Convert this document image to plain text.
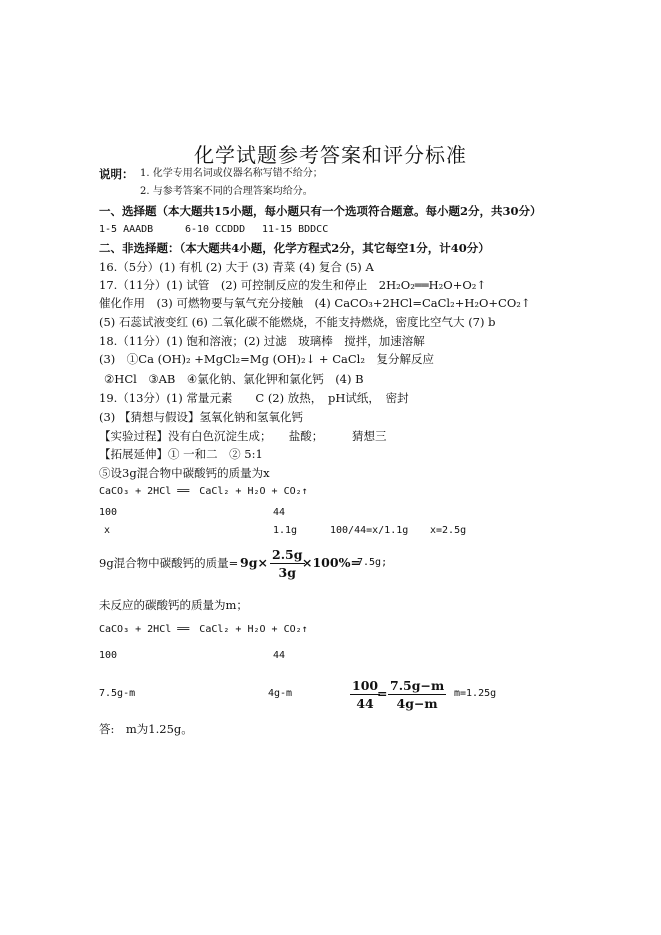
化学试题参考答案和评分标准
说明： 1. 化学专用名词或仪器名称写错不给分；
2. 与参考答案不同的合理答案均给分。
一、选择题（本大题共15小题，每小题只有一个选项符合题意。每小题2分，共30分）
1-5 AAADB	6-10 CCDDD 11-15 BDDCC
二、非选择题：（本大题共4小题，化学方程式2分，其它每空1分，计40分）
16.（5分）(1) 有机 (2) 大于 (3) 青菜 (4) 复合 (5) A
17.（11分）(1) 试管　(2) 可控制反应的发生和停止　2H₂O₂══H₂O+O₂↑
催化作用　(3) 可燃物要与氧气充分接触　(4) CaCO₃+2HCl=CaCl₂+H₂O+CO₂↑
(5) 石蕊试液变红 (6) 二氧化碳不能燃烧，不能支持燃烧，密度比空气大 (7) b
18.（11分）(1) 饱和溶液；(2) 过滤　玻璃棒　搅拌，加速溶解
(3)　①Ca (OH)₂ +MgCl₂=Mg (OH)₂↓ + CaCl₂　复分解反应
②HCl　③AB　④氯化钠、氯化钾和氯化钙　(4) B
19.（13分）(1) 常量元素　　C (2) 放热，　pH试纸，　密封
(3) 【猜想与假设】氢氧化钠和氢氧化钙
【实验过程】没有白色沉淀生成；　　盐酸；　　　猜想三
【拓展延伸】① 一和二　② 5:1
⑤设3g混合物中碳酸钙的质量为x
CaCO₃ + 2HCl ══　CaCl₂ + H₂O + CO₂↑
100	44
x	1.1g	100/44=x/1.1g x=2.5g
9g混合物中碳酸钙的质量= $9g\times \frac{2.5g}{3g}$
×100%=
7.5g;
未反应的碳酸钙的质量为m；
CaCO₃ + 2HCl ══　CaCl₂ + H₂O + CO₂↑
100	44
7.5g-m	4g-m	$\frac{100}{44}$
= $\frac{7.5g-m}{4g-m} m=1.25g$
答:　m为1.25g。
